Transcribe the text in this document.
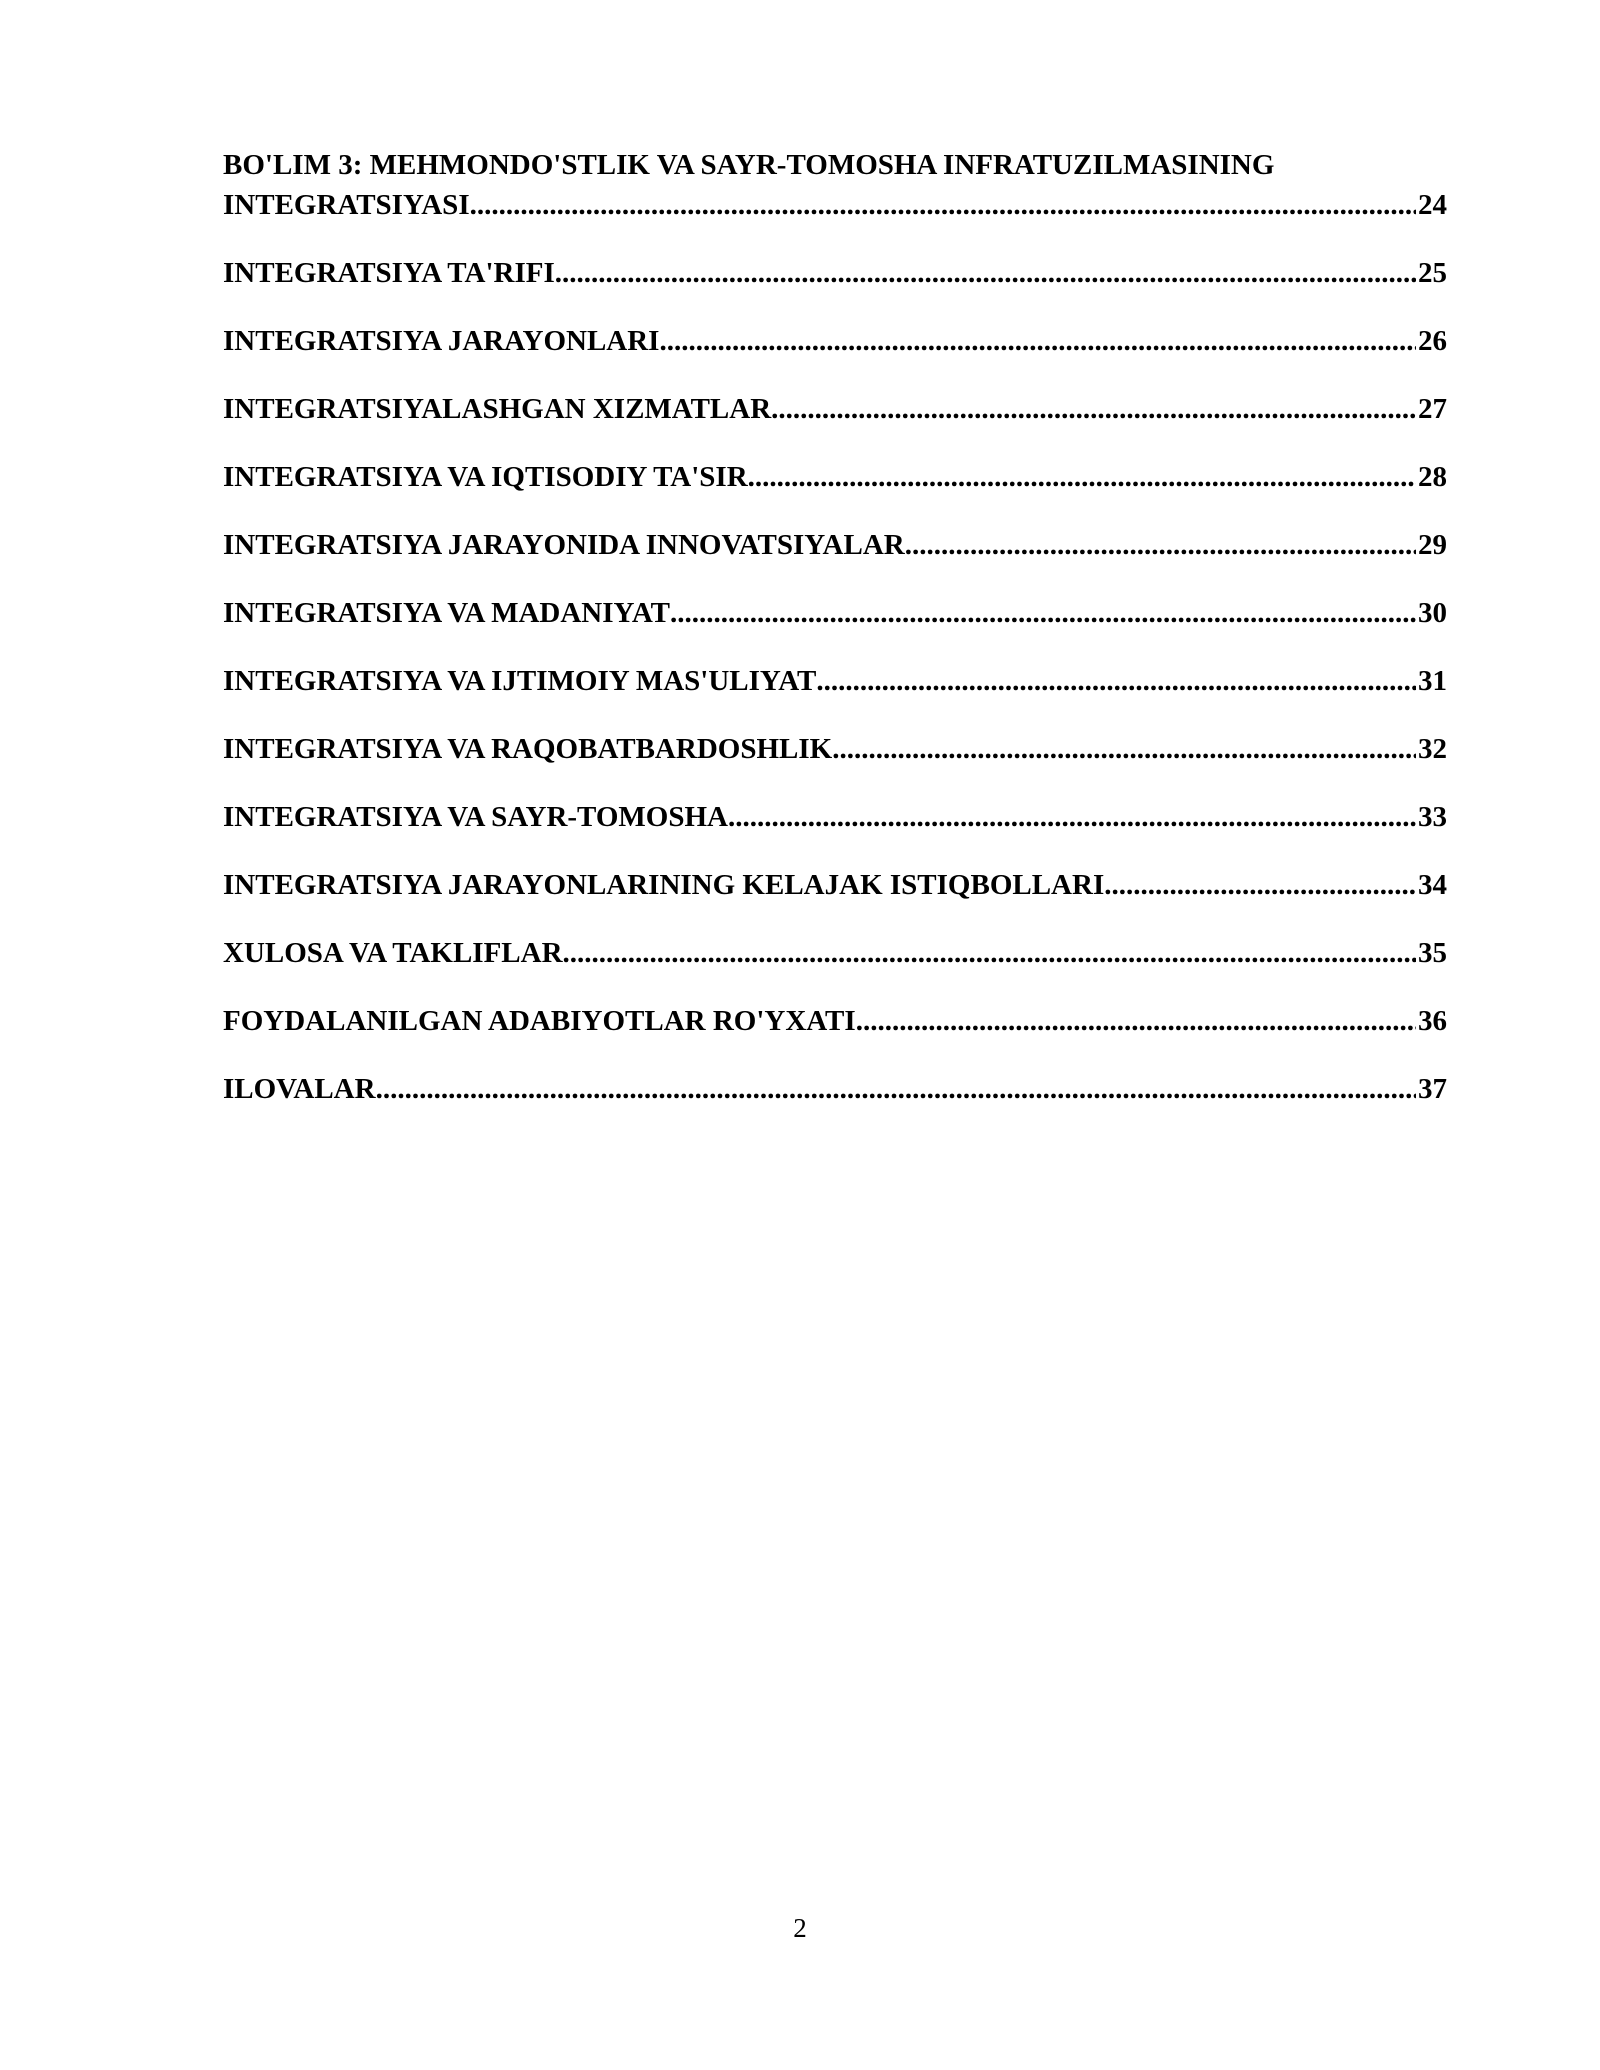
BO'LIM 3: MEHMONDO'STLIK VA SAYR-TOMOSHA INFRATUZILMASINING
INTEGRATSIYASI .....	24
INTEGRATSIYA TA'RIFI .....	25
INTEGRATSIYA JARAYONLARI .....	26
INTEGRATSIYALASHGAN XIZMATLAR .....	27
INTEGRATSIYA VA IQTISODIY TA'SIR .....	28
INTEGRATSIYA JARAYONIDA INNOVATSIYALAR .....	29
INTEGRATSIYA VA MADANIYAT .....	30
INTEGRATSIYA VA IJTIMOIY MAS'ULIYAT .....	31
INTEGRATSIYA VA RAQOBATBARDOSHLIK .....	32
INTEGRATSIYA VA SAYR-TOMOSHA .....	33
INTEGRATSIYA JARAYONLARINING KELAJAK ISTIQBOLLARI .....	34
XULOSA VA TAKLIFLAR .....	35
FOYDALANILGAN ADABIYOTLAR RO'YXATI .....	36
ILOVALAR .....	37
2
